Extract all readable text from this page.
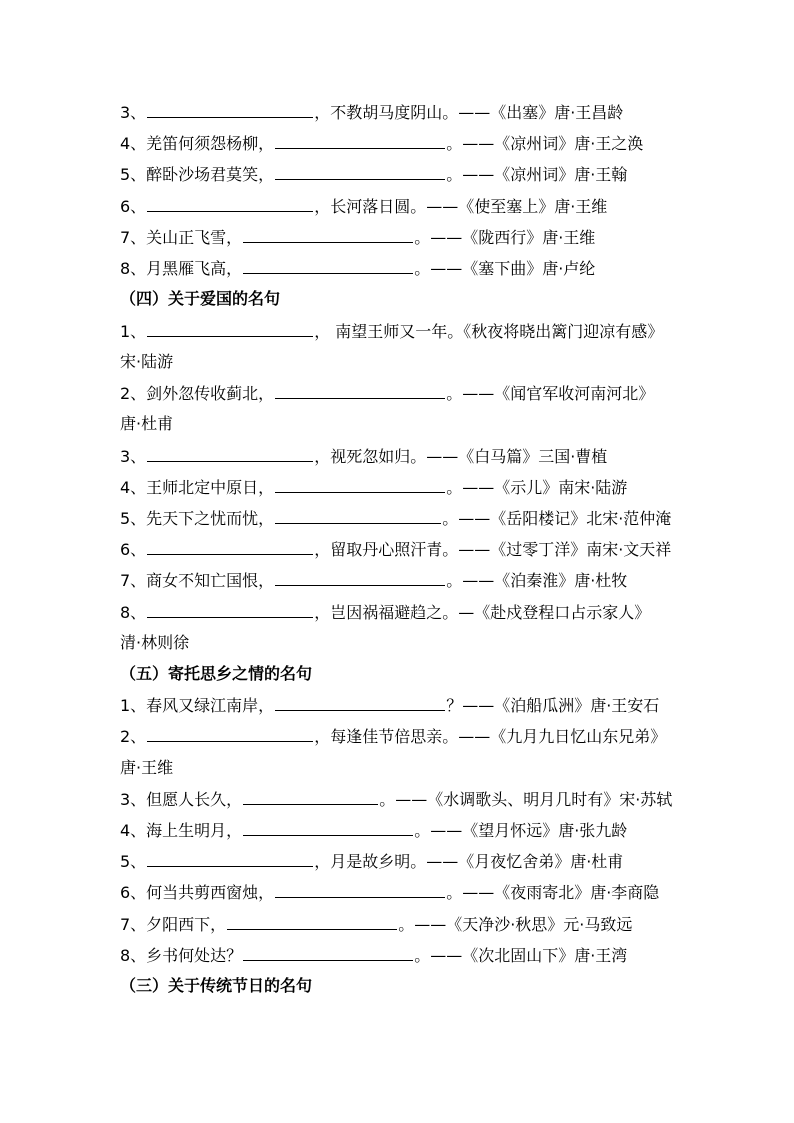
3、	，不教胡马度阴山。——《出塞》唐·王昌龄
4、羌笛何须怨杨柳，	。——《凉州词》唐·王之涣
5、醉卧沙场君莫笑，	。——《凉州词》唐·王翰
6、	，长河落日圆。——《使至塞上》唐·王维
7、关山正飞雪，	。——《陇西行》唐·王维
8、月黑雁飞高，	。——《塞下曲》唐·卢纶
（四）关于爱国的名句
1、	， 南望王师又一年。《秋夜将晓出篱门迎凉有感》
宋·陆游
2、剑外忽传收蓟北，	。——《闻官军收河南河北》
唐·杜甫
3、	，视死忽如归。——《白马篇》三国·曹植
4、王师北定中原日，	。——《示儿》南宋·陆游
5、先天下之忧而忧，	。——《岳阳楼记》北宋·范仲淹
6、	，留取丹心照汗青。——《过零丁洋》南宋·文天祥
7、商女不知亡国恨，	。——《泊秦淮》唐·杜牧
8、	，岂因祸福避趋之。—《赴戍登程口占示家人》
清·林则徐
（五）寄托思乡之情的名句
1、春风又绿江南岸，	？——《泊船瓜洲》唐·王安石
2、	，每逢佳节倍思亲。——《九月九日忆山东兄弟》
唐·王维
3、但愿人长久，	。——《水调歌头、明月几时有》宋·苏轼
4、海上生明月，	。——《望月怀远》唐·张九龄
5、	，月是故乡明。——《月夜忆舍弟》唐·杜甫
6、何当共剪西窗烛，	。——《夜雨寄北》唐·李商隐
7、夕阳西下，	。——《天净沙·秋思》元·马致远
8、乡书何处达？	。——《次北固山下》唐·王湾
（三）关于传统节日的名句
